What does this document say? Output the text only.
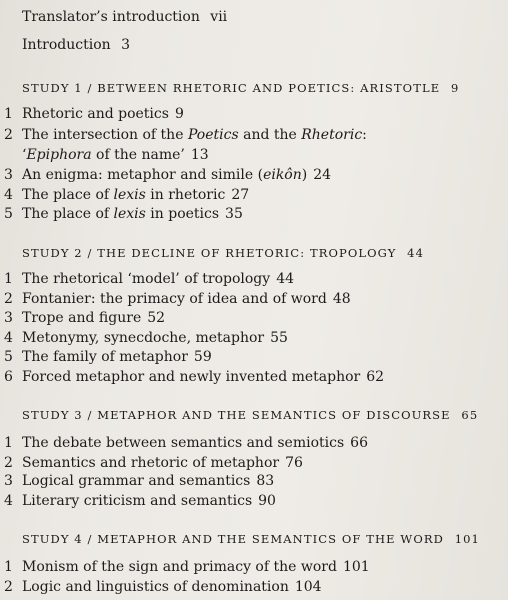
Translator’s introduction vii
Introduction 3
STUDY 1 / BETWEEN RHETORIC AND POETICS: ARISTOTLE 9
1 Rhetoric and poetics 9
2 The intersection of the Poetics and the Rhetoric:
‘Epiphora of the name’ 13
3 An enigma: metaphor and simile (eikôn) 24
4 The place of lexis in rhetoric 27
5 The place of lexis in poetics 35
STUDY 2 / THE DECLINE OF RHETORIC: TROPOLOGY 44
1 The rhetorical ‘model’ of tropology 44
2 Fontanier: the primacy of idea and of word 48
3 Trope and figure 52
4 Metonymy, synecdoche, metaphor 55
5 The family of metaphor 59
6 Forced metaphor and newly invented metaphor 62
STUDY 3 / METAPHOR AND THE SEMANTICS OF DISCOURSE 65
1 The debate between semantics and semiotics 66
2 Semantics and rhetoric of metaphor 76
3 Logical grammar and semantics 83
4 Literary criticism and semantics 90
STUDY 4 / METAPHOR AND THE SEMANTICS OF THE WORD 101
1 Monism of the sign and primacy of the word 101
2 Logic and linguistics of denomination 104
